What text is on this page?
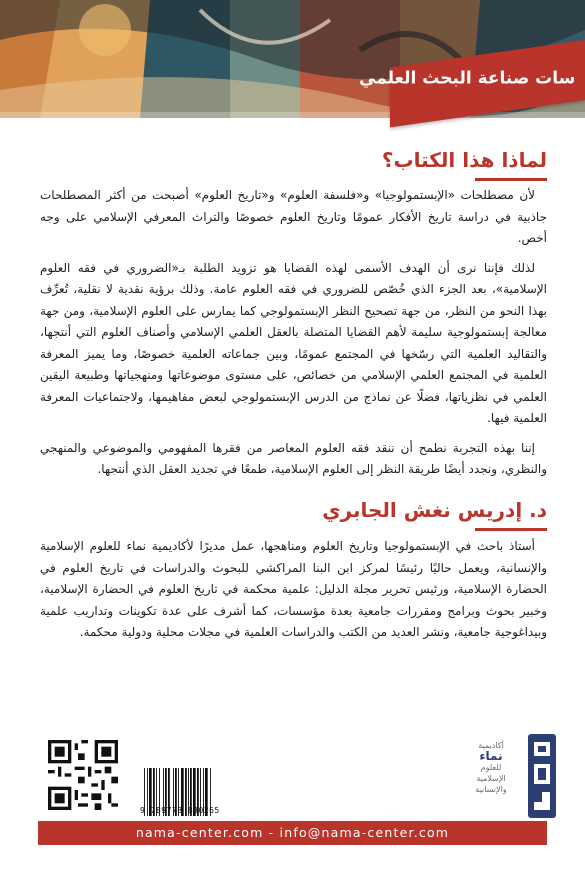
سات صناعة البحث العلمي
لماذا هذا الكتاب؟

لأن مصطلحات «الإبستمولوجيا» و«فلسفة العلوم» و«تاريخ العلوم» أصبحت من أكثر المصطلحات جاذبية في دراسة تاريخ الأفكار عمومًا وتاريخ العلوم خصوصًا والتراث المعرفي الإسلامي على وجه أخص.

لذلك فإننا نرى أن الهدف الأسمى لهذه القضايا هو تزويد الطلبة بـ«الضروري في فقه العلوم الإسلامية»، بعد الجزء الذي خُصّص للضروري في فقه العلوم عامة. وذلك برؤية نقدية لا نقلية، تُعرِّف بهذا النحو من النظر، من جهة تصحيح النظر الإبستمولوجي كما يمارس على العلوم الإسلامية، ومن جهة معالجة إبستمولوجية سليمة لأهم القضايا المتصلة بالعقل العلمي الإسلامي وأصناف العلوم التي أنتجها، والتقاليد العلمية التي رسّخها في المجتمع عمومًا، وبين جماعاته العلمية خصوصًا، وما يميز المعرفة العلمية في المجتمع العلمي الإسلامي من خصائص، على مستوى موضوعاتها ومنهجياتها وطبيعة اليقين العلمي في نظرياتها، فضلًا عن نماذج من الدرس الإبستمولوجي لبعض مفاهيمها، ولاجتماعيات المعرفة العلمية فيها.

إننا بهذه التجربة نطمح أن ننقد فقه العلوم المعاصر من فقرها المفهومي والموضوعي والمنهجي والنظري، ونجدد أيضًا طريقة النظر إلى العلوم الإسلامية، طمعًا في تجديد العقل الذي أنتجها.

د. إدريس نغش الجابري

أستاذ باحث في الإبستمولوجيا وتاريخ العلوم ومناهجها، عمل مديرًا لأكاديمية نماء للعلوم الإسلامية والإنسانية، ويعمل حاليًا رئيسًا لمركز ابن البنا المراكشي للبحوث والدراسات في تاريخ العلوم في الحضارة الإسلامية، ورئيس تحرير مجلة الدليل: علمية محكمة في تاريخ العلوم في الحضارة الإسلامية، وخبير بحوث وبرامج ومقررات جامعية بعدة مؤسسات، كما أشرف على عدة تكوينات وتداريب علمية وبيداغوجية جامعية، ونشر العديد من الكتب والدراسات العلمية في مجلات محلية ودولية محكمة.

9 789778 830265
أكاديمية
نماء
للعلوم
الإسلامية
والإنسانية
nama-center.com - info@nama-center.com
